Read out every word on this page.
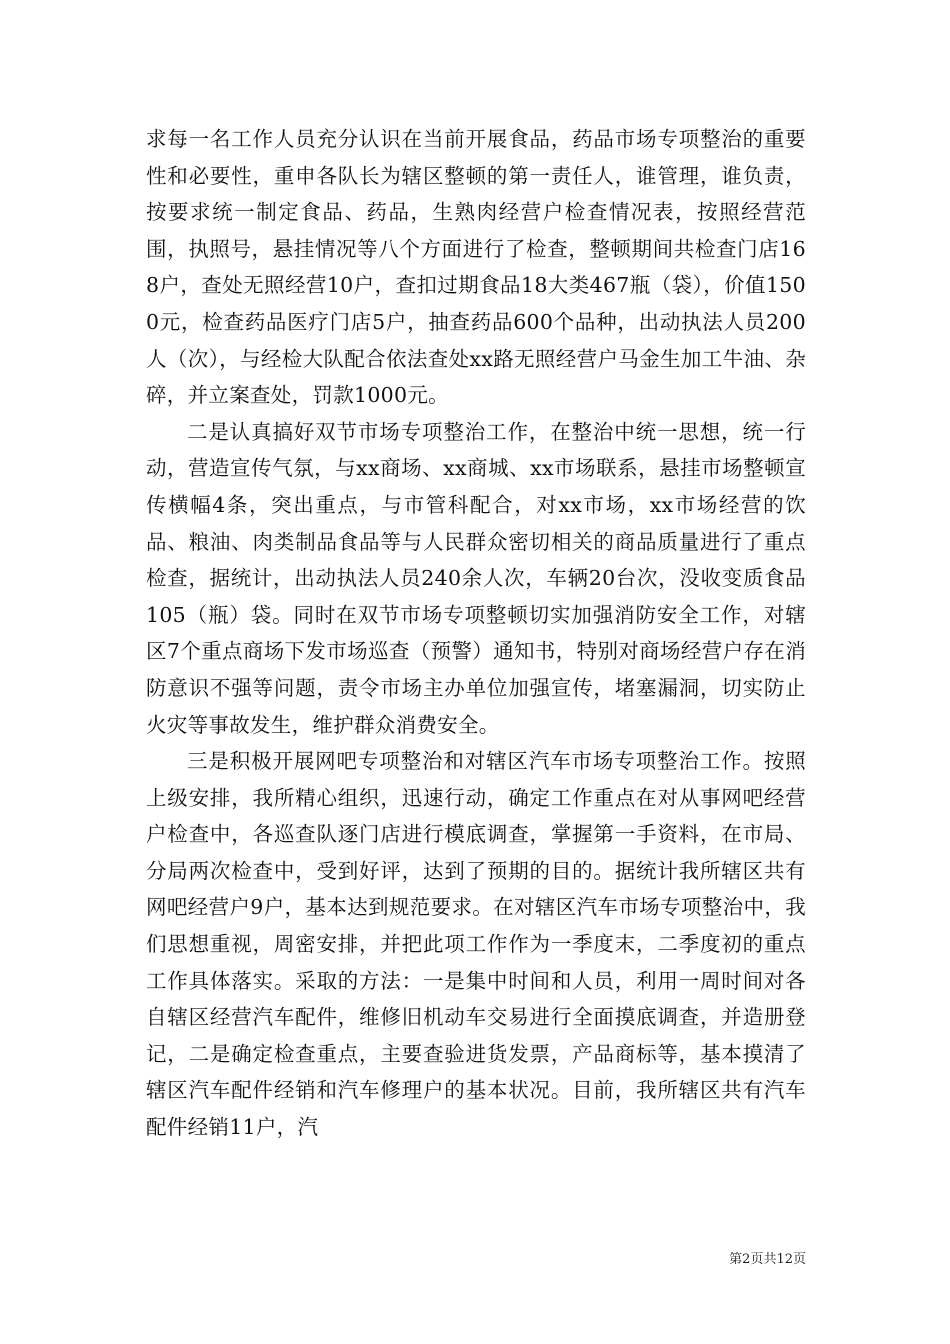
求每一名工作人员充分认识在当前开展食品，药品市场专项整治的重要性和必要性，重申各队长为辖区整顿的第一责任人，谁管理，谁负责，按要求统一制定食品、药品，生熟肉经营户检查情况表，按照经营范围，执照号，悬挂情况等八个方面进行了检查，整顿期间共检查门店168户，查处无照经营10户，查扣过期食品18大类467瓶（袋），价值1500元，检查药品医疗门店5户，抽查药品600个品种，出动执法人员200人（次），与经检大队配合依法查处xx路无照经营户马金生加工牛油、杂碎，并立案查处，罚款1000元。

二是认真搞好双节市场专项整治工作，在整治中统一思想，统一行动，营造宣传气氛，与xx商场、xx商城、xx市场联系，悬挂市场整顿宣传横幅4条，突出重点，与市管科配合，对xx市场，xx市场经营的饮品、粮油、肉类制品食品等与人民群众密切相关的商品质量进行了重点检查，据统计，出动执法人员240余人次，车辆20台次，没收变质食品105（瓶）袋。同时在双节市场专项整顿切实加强消防安全工作，对辖区7个重点商场下发市场巡查（预警）通知书，特别对商场经营户存在消防意识不强等问题，责令市场主办单位加强宣传，堵塞漏洞，切实防止火灾等事故发生，维护群众消费安全。

三是积极开展网吧专项整治和对辖区汽车市场专项整治工作。按照上级安排，我所精心组织，迅速行动，确定工作重点在对从事网吧经营户检查中，各巡查队逐门店进行模底调查，掌握第一手资料，在市局、分局两次检查中，受到好评，达到了预期的目的。据统计我所辖区共有网吧经营户9户，基本达到规范要求。在对辖区汽车市场专项整治中，我们思想重视，周密安排，并把此项工作作为一季度末，二季度初的重点工作具体落实。采取的方法：一是集中时间和人员，利用一周时间对各自辖区经营汽车配件，维修旧机动车交易进行全面摸底调查，并造册登记，二是确定检查重点，主要查验进货发票，产品商标等，基本摸清了辖区汽车配件经销和汽车修理户的基本状况。目前，我所辖区共有汽车配件经销11户，汽

第2页共12页
